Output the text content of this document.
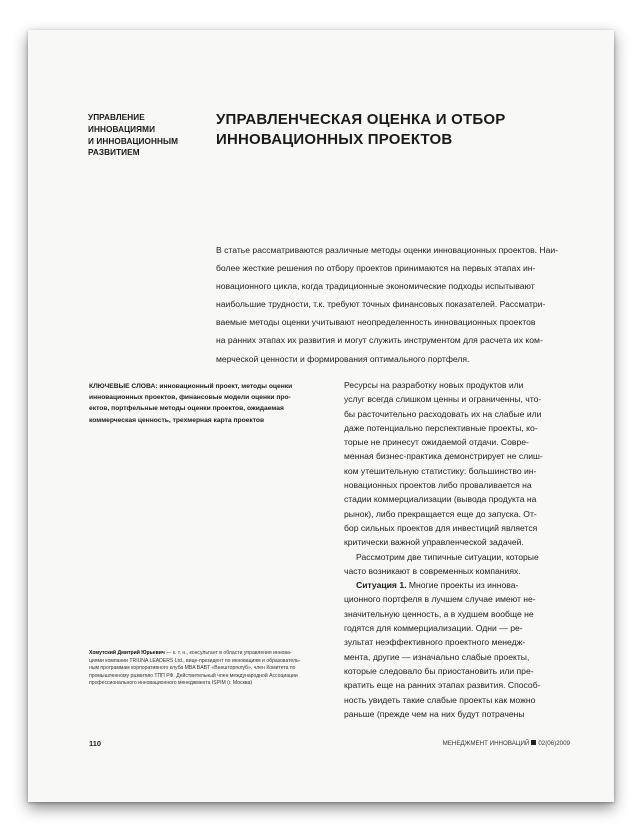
УПРАВЛЕНИЕ
ИННОВАЦИЯМИ
И ИННОВАЦИОННЫМ
РАЗВИТИЕМ
УПРАВЛЕНЧЕСКАЯ ОЦЕНКА И ОТБОР
ИННОВАЦИОННЫХ ПРОЕКТОВ
В статье рассматриваются различные методы оценки инновационных проектов. Наи-
более жесткие решения по отбору проектов принимаются на первых этапах ин-
новационного цикла, когда традиционные экономические подходы испытывают
наибольшие трудности, т.к. требуют точных финансовых показателей. Рассматри-
ваемые методы оценки учитывают неопределенность инновационных проектов
на ранних этапах их развития и могут служить инструментом для расчета их ком-
мерческой ценности и формирования оптимального портфеля.
КЛЮЧЕВЫЕ СЛОВА: инновационный проект, методы оценки
инновационных проектов, финансовые модели оценки про-
ектов, портфельные методы оценки проектов, ожидаемая
коммерческая ценность, трехмерная карта проектов
Ресурсы на разработку новых продуктов или
услуг всегда слишком ценны и ограниченны, что-
бы расточительно расходовать их на слабые или
даже потенциально перспективные проекты, ко-
торые не принесут ожидаемой отдачи. Совре-
менная бизнес-практика демонстрирует не слиш-
ком утешительную статистику: большинство ин-
новационных проектов либо проваливается на
стадии коммерциализации (вывода продукта на
рынок), либо прекращается еще до запуска. От-
бор сильных проектов для инвестиций является
критически важной управленческой задачей.
Рассмотрим две типичные ситуации, которые
часто возникают в современных компаниях.
Ситуация 1. Многие проекты из иннова-
ционного портфеля в лучшем случае имеют не-
значительную ценность, а в худшем вообще не
годятся для коммерциализации. Одни — ре-
зультат неэффективного проектного менедж-
мента, другие — изначально слабые проекты,
которые следовало бы приостановить или пре-
кратить еще на ранних этапах развития. Способ-
ность увидеть такие слабые проекты как можно
раньше (прежде чем на них будут потрачены
Хомутский Дмитрий Юрьевич — к. т. н., консультант в области управления иннова-
циями компании TRIUNA LEADERS Ltd., вице-президент по инновациям и образователь-
ным программам корпоративного клуба MBA BABT «Внешторгклуб», член Комитета по
промышленному развитию ТПП РФ. Действительный член международной Ассоциации
профессионального инновационного менеджмента ISPIM (г. Москва)
110	МЕНЕДЖМЕНТ ИННОВАЦИЙ 02(06)2009
